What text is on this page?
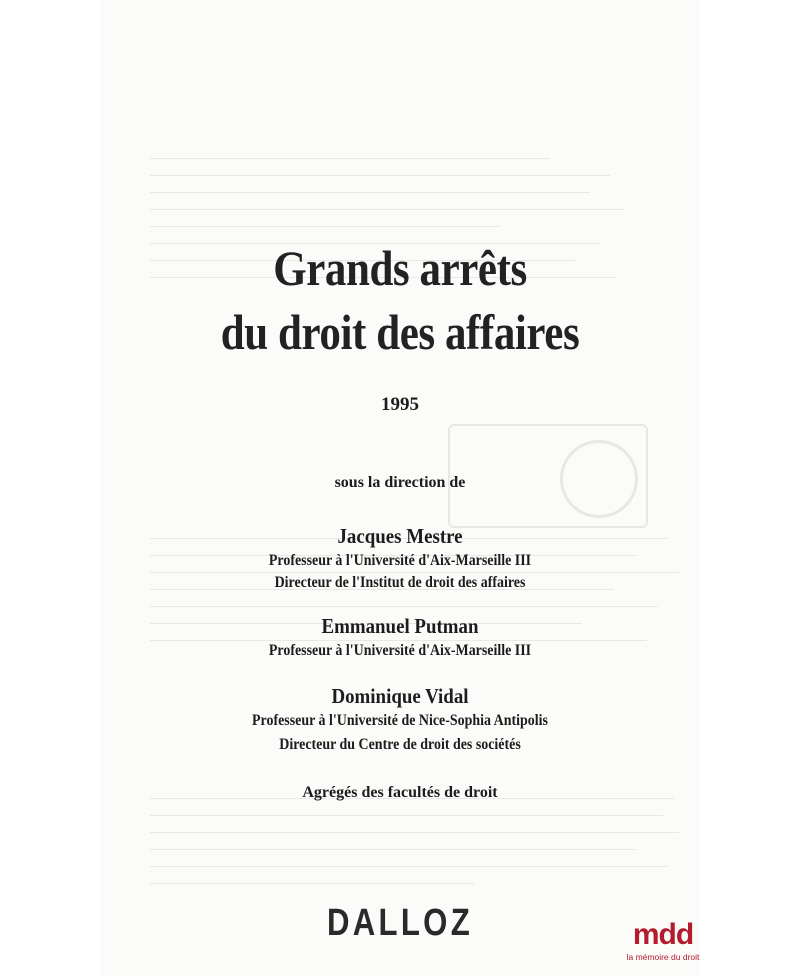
Grands arrêts
du droit des affaires
1995
sous la direction de
Jacques Mestre
Professeur à l'Université d'Aix-Marseille III
Directeur de l'Institut de droit des affaires
Emmanuel Putman
Professeur à l'Université d'Aix-Marseille III
Dominique Vidal
Professeur à l'Université de Nice-Sophia Antipolis
Directeur du Centre de droit des sociétés
Agrégés des facultés de droit
DALLOZ	mdd
la mémoire du droit
